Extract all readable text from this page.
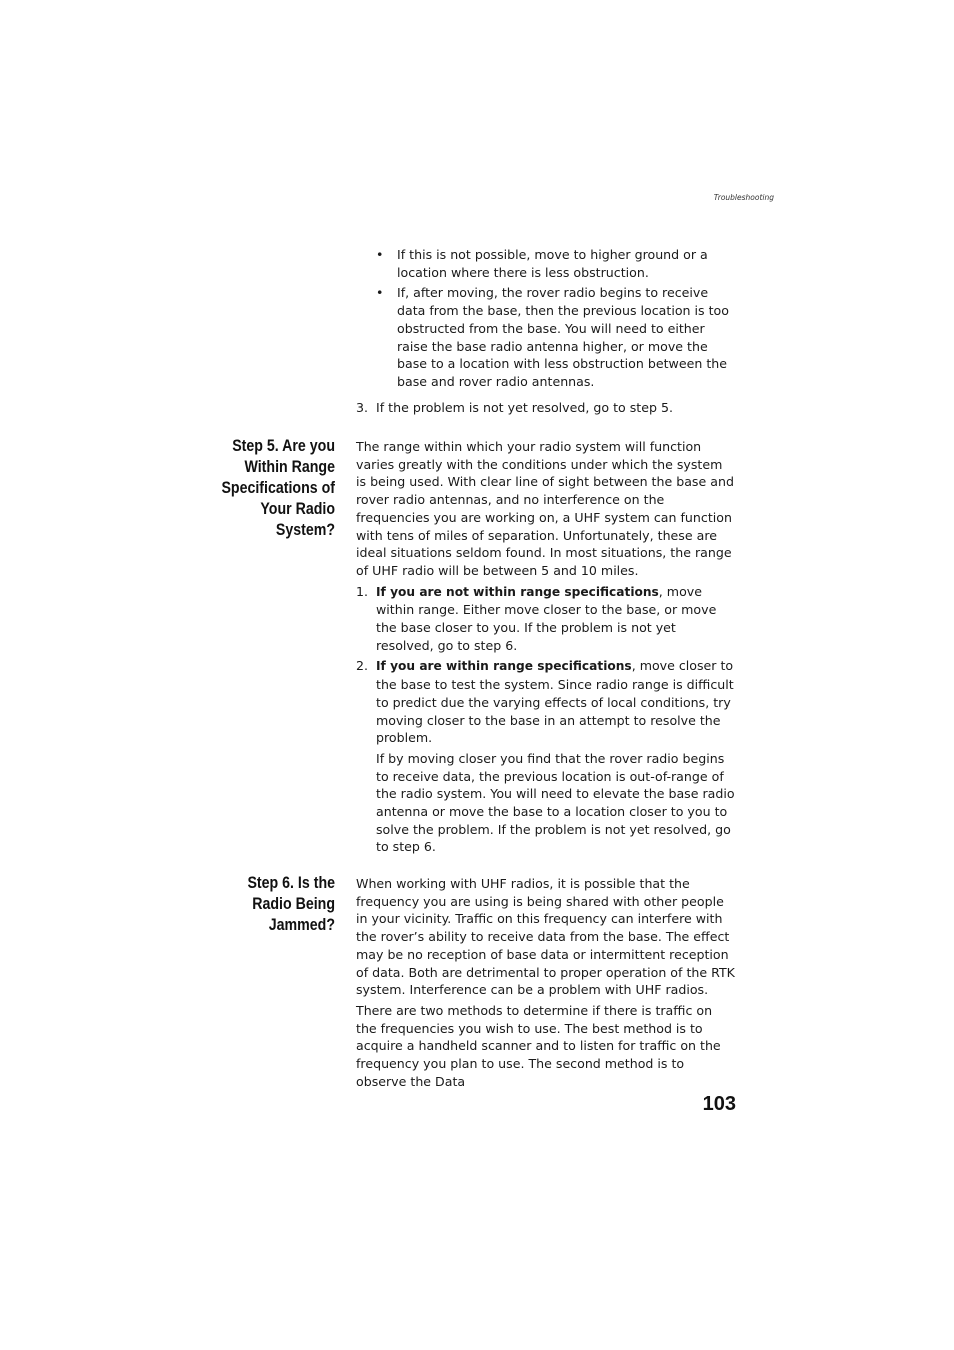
Troubleshooting
• If this is not possible, move to higher ground or a location where there is less obstruction.
• If, after moving, the rover radio begins to receive data from the base, then the previous location is too obstructed from the base. You will need to either raise the base radio antenna higher, or move the base to a location with less obstruction between the base and rover radio antennas.
3. If the problem is not yet resolved, go to step 5.
Step 5. Are you
Within Range
Specifications of
Your Radio
System?

The range within which your radio system will function varies greatly with the conditions under which the system is being used. With clear line of sight between the base and rover radio antennas, and no interference on the frequencies you are working on, a UHF system can function with tens of miles of separation. Unfortunately, these are ideal situations seldom found. In most situations, the range of UHF radio will be between 5 and 10 miles.

1. If you are not within range specifications, move within range. Either move closer to the base, or move the base closer to you. If the problem is not yet resolved, go to step 6.
2. If you are within range specifications, move closer to the base to test the system. Since radio range is difficult to predict due the varying effects of local conditions, try moving closer to the base in an attempt to resolve the problem.

If by moving closer you find that the rover radio begins to receive data, the previous location is out-of-range of the radio system. You will need to elevate the base radio antenna or move the base to a location closer to you to solve the problem. If the problem is not yet resolved, go to step 6.

Step 6. Is the
Radio Being
Jammed?

When working with UHF radios, it is possible that the frequency you are using is being shared with other people in your vicinity. Traffic on this frequency can interfere with the rover’s ability to receive data from the base. The effect may be no reception of base data or intermittent reception of data. Both are detrimental to proper operation of the RTK system. Interference can be a problem with UHF radios.

There are two methods to determine if there is traffic on the frequencies you wish to use. The best method is to acquire a handheld scanner and to listen for traffic on the frequency you plan to use. The second method is to observe the Data

103
